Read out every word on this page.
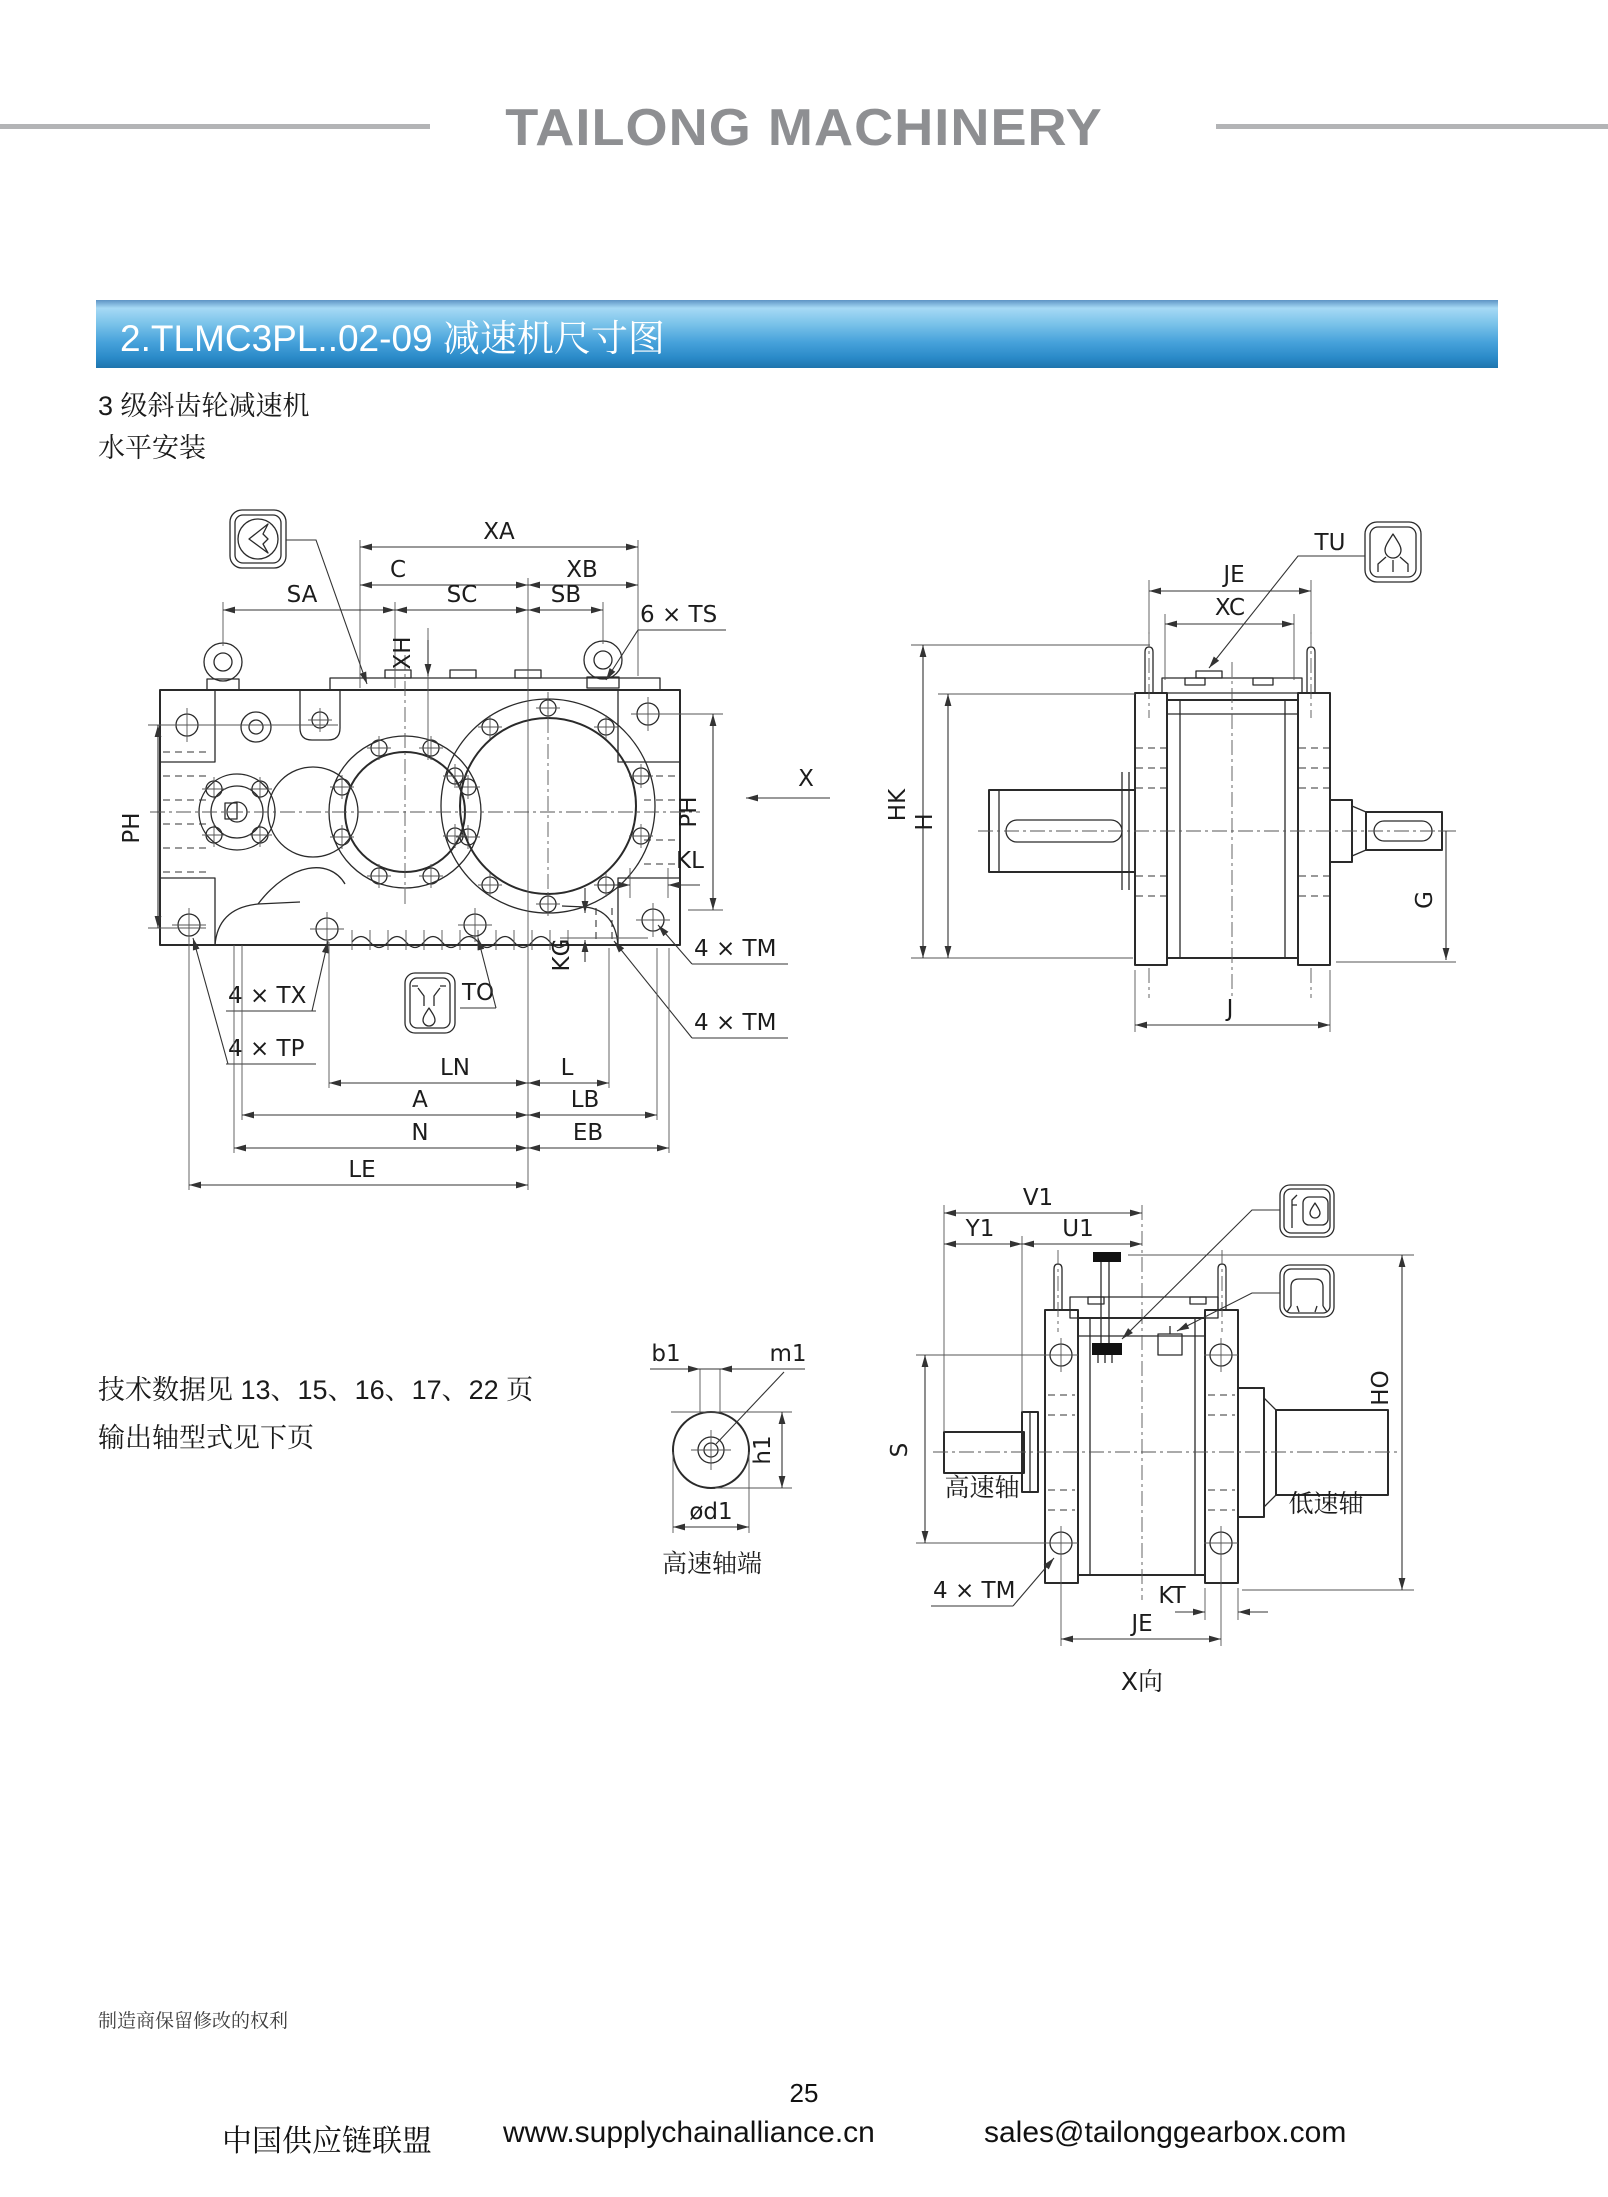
TAILONG MACHINERY
2.TLMC3PL..02-09 减速机尺寸图
3 级斜齿轮减速机
水平安装
XA
C	XB
SA	SC	SB
XH
6 × TS
PH
PH
X
KL
KG	4 × TM
4 × TM
TO
4 × TX
4 × TP
LN	L
A	LB
N	EB
LE
TU
JE
XC
HK
H
G
J
V1
Y1	U1
S
HO
高速轴
低速轴
4 × TM	KT
JE
X向
b1	m1
h1
ød1
高速轴端
技术数据见 13、15、16、17、22 页
输出轴型式见下页
制造商保留修改的权利
25
中国供应链联盟 www.supplychainalliance.cn	sales@tailonggearbox.com
